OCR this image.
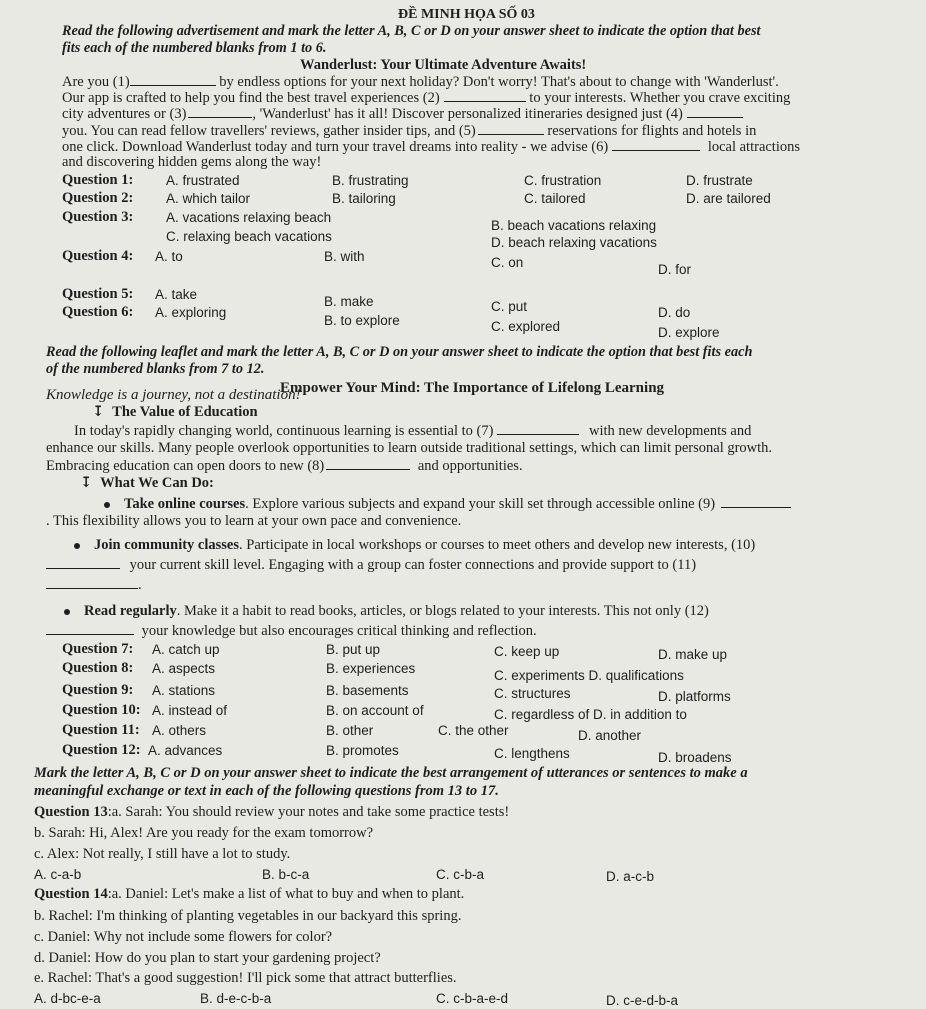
ĐỀ MINH HỌA SỐ 03
Read the following advertisement and mark the letter A, B, C or D on your answer sheet to indicate the option that best
fits each of the numbered blanks from 1 to 6.
Wanderlust: Your Ultimate Adventure Awaits!
Are you (1)	by endless options for your next holiday? Don't worry! That's about to change with 'Wanderlust'.
Our app is crafted to help you find the best travel experiences (2)	to your interests. Whether you crave exciting
city adventures or (3)	, 'Wanderlust' has it all! Discover personalized itineraries designed just (4)
you. You can read fellow travellers' reviews, gather insider tips, and (5)	reservations for flights and hotels in
one click. Download Wanderlust today and turn your travel dreams into reality - we advise (6)	local attractions
and discovering hidden gems along the way!
Question 1: A. frustrated	B. frustrating	C. frustration	D. frustrate
Question 2: A. which tailor	B. tailoring	C. tailored	D. are tailored
Question 3: A. vacations relaxing beach
C. relaxing beach vacations
B. beach vacations relaxing
D. beach relaxing vacations
Question 4: A. to	B. with	C. on	D. for
Question 5: A. take	B. make	C. put	D. do
Question 6: A. exploring
B. to explore	C. explored	D. explore
Read the following leaflet and mark the letter A, B, C or D on your answer sheet to indicate the option that best fits each
of the numbered blanks from 7 to 12.
Empower Your Mind: The Importance of Lifelong Learning
Knowledge is a journey, not a destination!
↧ The Value of Education
In today's rapidly changing world, continuous learning is essential to (7)	with new developments and
enhance our skills. Many people overlook opportunities to learn outside traditional settings, which can limit personal growth.
Embracing education can open doors to new (8)	and opportunities.
↧ What We Can Do:
Take online courses. Explore various subjects and expand your skill set through accessible online (9)
. This flexibility allows you to learn at your own pace and convenience.
Join community classes. Participate in local workshops or courses to meet others and develop new interests, (10)
your current skill level. Engaging with a group can foster connections and provide support to (11)
.
Read regularly. Make it a habit to read books, articles, or blogs related to your interests. This not only (12)
your knowledge but also encourages critical thinking and reflection.
Question 7: A. catch up	B. put up	C. keep up	D. make up
Question 8: A. aspects	B. experiences	C. experiments D. qualifications
Question 9: A. stations	B. basements	C. structures	D. platforms
Question 10: A. instead of	B. on account of	C. regardless of D. in addition to
Question 11: A. others	B. other	C. the other	D. another
Question 12: A. advances	B. promotes	C. lengthens	D. broadens
Mark the letter A, B, C or D on your answer sheet to indicate the best arrangement of utterances or sentences to make a
meaningful exchange or text in each of the following questions from 13 to 17.
Question 13:a. Sarah: You should review your notes and take some practice tests!
b. Sarah: Hi, Alex! Are you ready for the exam tomorrow?
c. Alex: Not really, I still have a lot to study.
A. c-a-b	B. b-c-a	C. c-b-a	D. a-c-b
Question 14:a. Daniel: Let's make a list of what to buy and when to plant.
b. Rachel: I'm thinking of planting vegetables in our backyard this spring.
c. Daniel: Why not include some flowers for color?
d. Daniel: How do you plan to start your gardening project?
e. Rachel: That's a good suggestion! I'll pick some that attract butterflies.
A. d-bc-e-a	B. d-e-c-b-a	C. c-b-a-e-d	D. c-e-d-b-a
